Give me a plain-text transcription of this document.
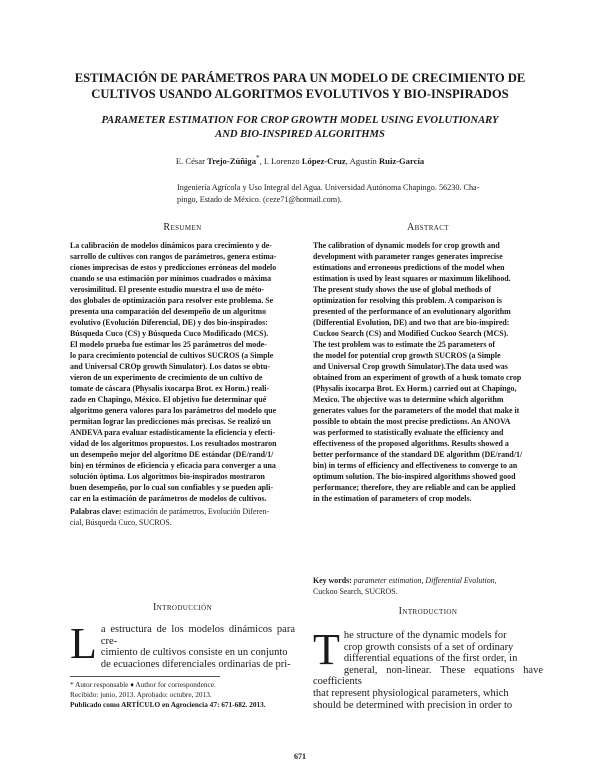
ESTIMACIÓN DE PARÁMETROS PARA UN MODELO DE CRECIMIENTO DE
CULTIVOS USANDO ALGORITMOS EVOLUTIVOS Y BIO-INSPIRADOS
PARAMETER ESTIMATION FOR CROP GROWTH MODEL USING EVOLUTIONARY
AND BIO-INSPIRED ALGORITHMS
E. César Trejo-Zúñiga*, I. Lorenzo López-Cruz, Agustín Ruiz-García
Ingeniería Agrícola y Uso Integral del Agua. Universidad Autónoma Chapingo. 56230. Cha-
pingo, Estado de México. (ceze71@hotmail.com).
Resumen
La calibración de modelos dinámicos para crecimiento y de-
sarrollo de cultivos con rangos de parámetros, genera estima-
ciones imprecisas de estos y predicciones erróneas del modelo
cuando se usa estimación por mínimos cuadrados o máxima
verosimilitud. El presente estudio muestra el uso de méto-
dos globales de optimización para resolver este problema. Se
presenta una comparación del desempeño de un algoritmo
evolutivo (Evolución Diferencial, DE) y dos bio-inspirados:
Búsqueda Cuco (CS) y Búsqueda Cuco Modificado (MCS).
El modelo prueba fue estimar los 25 parámetros del mode-
lo para crecimiento potencial de cultivos SUCROS (a Simple
and Universal CROp growth Simulator). Los datos se obtu-
vieron de un experimento de crecimiento de un cultivo de
tomate de cáscara (Physalis ixocarpa Brot. ex Horm.) reali-
zado en Chapingo, México. El objetivo fue determinar qué
algoritmo genera valores para los parámetros del modelo que
permitan lograr las predicciones más precisas. Se realizó un
ANDEVA para evaluar estadísticamente la eficiencia y efecti-
vidad de los algoritmos propuestos. Los resultados mostraron
un desempeño mejor del algoritmo DE estándar (DE/rand/1/
bin) en términos de eficiencia y eficacia para converger a una
solución óptima. Los algoritmos bio-inspirados mostraron
buen desempeño, por lo cual son confiables y se pueden apli-
car en la estimación de parámetros de modelos de cultivos.
Palabras clave: estimación de parámetros, Evolución Diferen-
cial, Búsqueda Cuco, SUCROS.
Abstract
The calibration of dynamic models for crop growth and
development with parameter ranges generates imprecise
estimations and erroneous predictions of the model when
estimation is used by least squares or maximum likelihood.
The present study shows the use of global methods of
optimization for resolving this problem. A comparison is
presented of the performance of an evolutionary algorithm
(Differential Evolution, DE) and two that are bio-inspired:
Cuckoo Search (CS) and Modified Cuckoo Search (MCS).
The test problem was to estimate the 25 parameters of
the model for potential crop growth SUCROS (a Simple
and Universal Crop growth Simulator).The data used was
obtained from an experiment of growth of a husk tomato crop
(Physalis ixocarpa Brot. Ex Horm.) carried out at Chapingo,
Mexico. The objective was to determine which algorithm
generates values for the parameters of the model that make it
possible to obtain the most precise predictions. An ANOVA
was performed to statistically evaluate the efficiency and
effectiveness of the proposed algorithms. Results showed a
better performance of the standard DE algorithm (DE/rand/1/
bin) in terms of efficiency and effectiveness to converge to an
optimum solution. The bio-inspired algorithms showed good
performance; therefore, they are reliable and can be applied
in the estimation of parameters of crop models.
Key words: parameter estimation, Differential Evolution,
Cuckoo Search, SUCROS.
Introducción
L a estructura de los modelos dinámicos para cre-
cimiento de cultivos consiste en un conjunto
de ecuaciones diferenciales ordinarias de pri-
Introduction
T he structure of the dynamic models for
crop growth consists of a set of ordinary
differential equations of the first order, in
general, non-linear. These equations have coefficients
that represent physiological parameters, which
should be determined with precision in order to
* Autor responsable ♦ Author for correspondence.
Recibido: junio, 2013. Aprobado: octubre, 2013.
Publicado como ARTÍCULO en Agrociencia 47: 671-682. 2013.
671
